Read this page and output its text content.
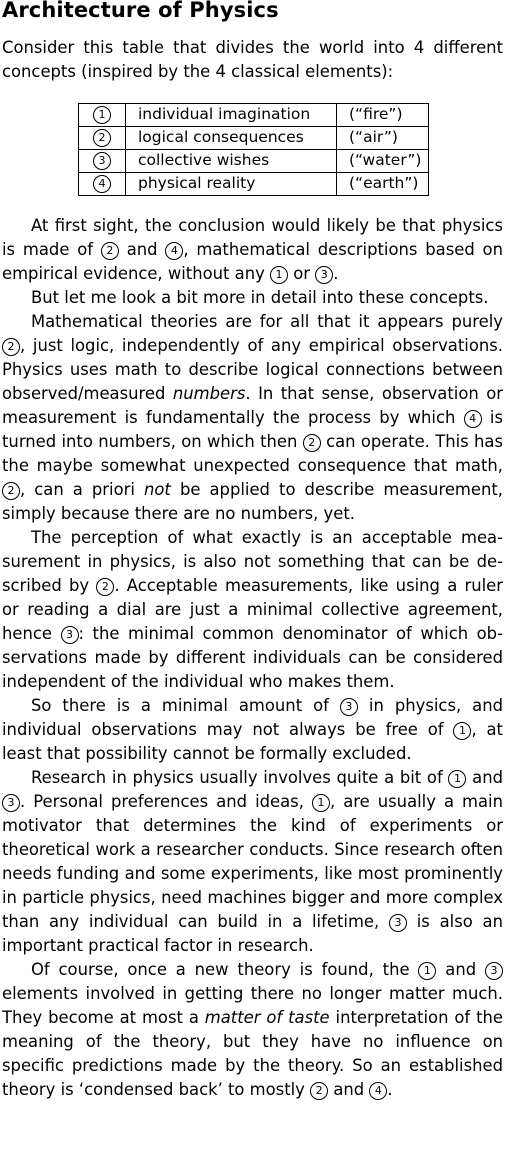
Architecture of Physics
Consider this table that divides the world into 4 different concepts (inspired by the 4 classical elements):
1	individual imagination	(“fire”)
2	logical consequences	(“air”)
3	collective wishes	(“water”)
4	physical reality	(“earth”)

At first sight, the conclusion would likely be that physics is made of 2 and 4 , mathematical descriptions based on empirical evidence, without any 1 or 3 .

But let me look a bit more in detail into these concepts.

Mathematical theories are for all that it appears purely 2 , just logic, independently of any empirical observations. Physics uses math to describe logical connections between observed/measured numbers. In that sense, observation or measurement is fundamentally the process by which 4 is turned into numbers, on which then 2 can operate. This has the maybe somewhat unexpected consequence that math, 2 , can a priori not be applied to describe measurement, simply because there are no numbers, yet.

The perception of what exactly is an acceptable measurement in physics, is also not something that can be described by 2 . Acceptable measurements, like using a ruler or reading a dial are just a minimal collective agreement, hence 3 : the minimal common denominator of which observations made by different individuals can be considered independent of the individual who makes them.

So there is a minimal amount of 3 in physics, and individual observations may not always be free of 1 , at least that possibility cannot be formally excluded.

Research in physics usually involves quite a bit of 1 and 3 . Personal preferences and ideas, 1 , are usually a main motivator that determines the kind of experiments or theoretical work a researcher conducts. Since research often needs funding and some experiments, like most prominently in particle physics, need machines bigger and more complex than any individual can build in a lifetime, 3 is also an important practical factor in research.

Of course, once a new theory is found, the 1 and 3 elements involved in getting there no longer matter much. They become at most a matter of taste interpretation of the meaning of the theory, but they have no influence on specific predictions made by the theory. So an established theory is ‘condensed back’ to mostly 2 and 4 .
